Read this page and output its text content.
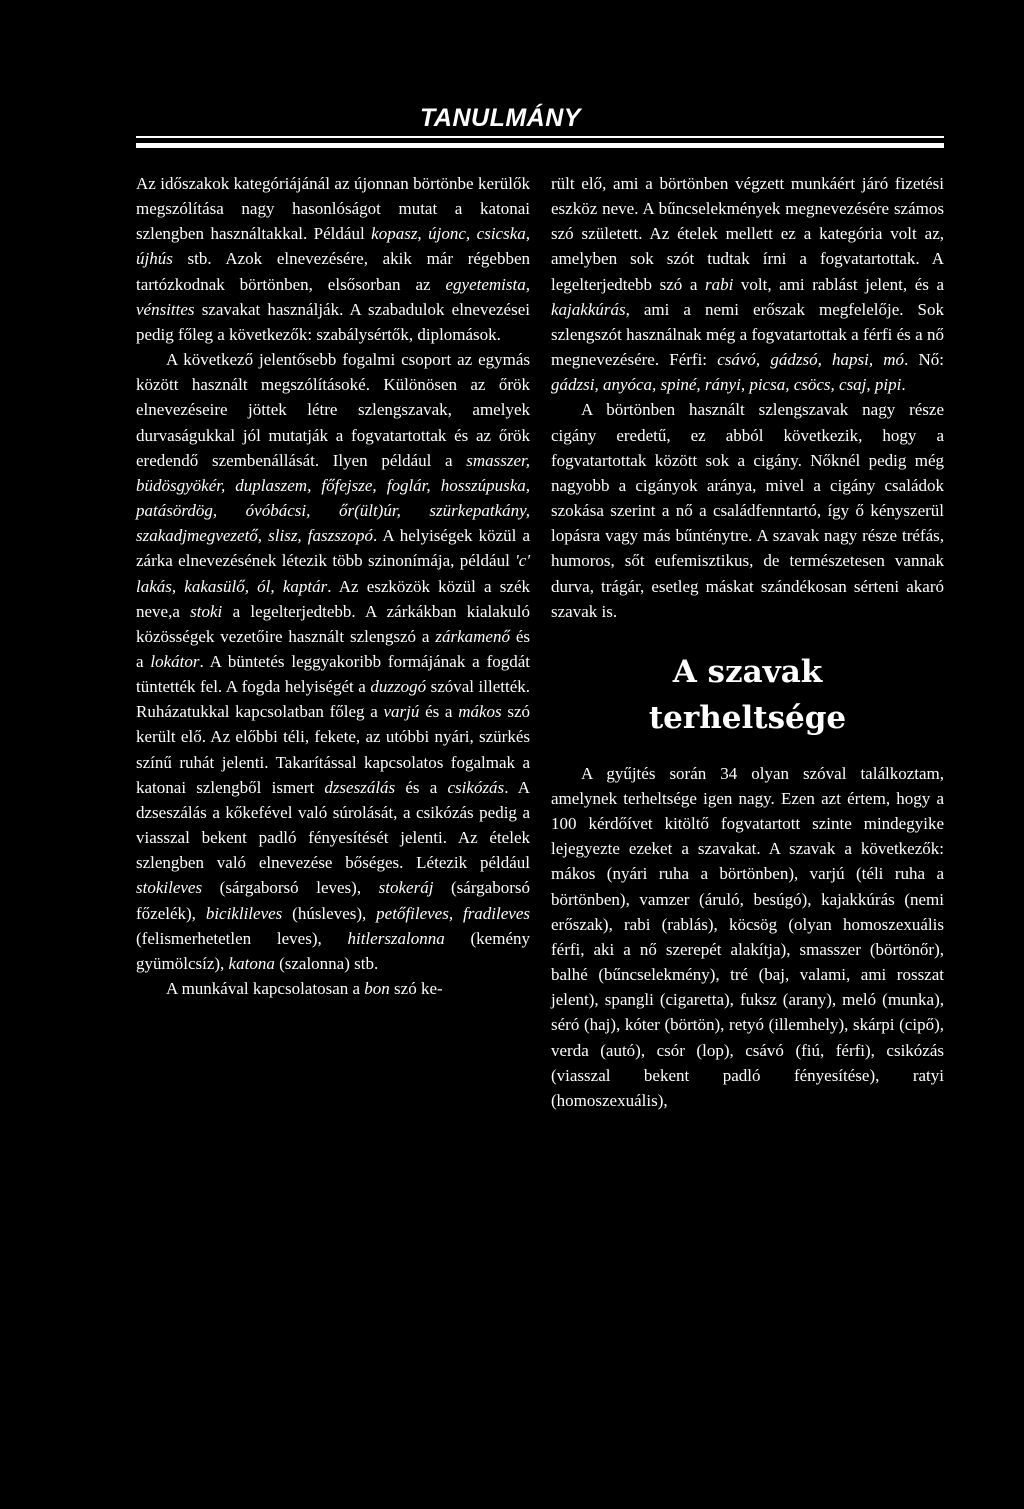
TANULMÁNY

Az időszakok kategóriájánál az újonnan börtönbe kerülők megszólítása nagy hasonlóságot mutat a katonai szlengben használtakkal. Például kopasz, újonc, csicska, újhús stb. Azok elnevezésére, akik már régebben tartózkodnak börtönben, elsősorban az egyetemista, vénsittes szavakat használják. A szabadulok elnevezései pedig főleg a következők: szabálysértők, diplomások.

A következő jelentősebb fogalmi csoport az egymás között használt megszólításoké. Különösen az őrök elnevezéseire jöttek létre szlengszavak, amelyek durvaságukkal jól mutatják a fogvatartottak és az őrök eredendő szembenállását. Ilyen például a smasszer, büdösgyökér, duplaszem, főfejsze, foglár, hosszúpuska, patásördög, óvóbácsi, őr(ült)úr, szürkepatkány, szakadjmegvezető, slisz, faszszopó. A helyiségek közül a zárka elnevezésének létezik több szinonímája, például 'c' lakás, kakasülő, ól, kaptár. Az eszközök közül a szék neve,a stoki a legelterjedtebb. A zárkákban kialakuló közösségek vezetőire használt szlengszó a zárkamenő és a lokátor. A büntetés leggyakoribb formájának a fogdát tüntették fel. A fogda helyiségét a duzzogó szóval illették. Ruházatukkal kapcsolatban főleg a varjú és a mákos szó került elő. Az előbbi téli, fekete, az utóbbi nyári, szürkés színű ruhát jelenti. Takarítással kapcsolatos fogalmak a katonai szlengből ismert dzseszálás és a csikózás. A dzseszálás a kőkefével való súrolását, a csikózás pedig a viasszal bekent padló fényesítését jelenti. Az ételek szlengben való elnevezése bőséges. Létezik például stokileves (sárgaborsó leves), stokeráj (sárgaborsó főzelék), biciklileves (húsleves), petőfileves, fradileves (felismerhetetlen leves), hitlerszalonna (kemény gyümölcsíz), katona (szalonna) stb.

A munkával kapcsolatosan a bon szó ke-

rült elő, ami a börtönben végzett munkáért járó fizetési eszköz neve. A bűncselekmények megnevezésére számos szó született. Az ételek mellett ez a kategória volt az, amelyben sok szót tudtak írni a fogvatartottak. A legelterjedtebb szó a rabi volt, ami rablást jelent, és a kajakkúrás, ami a nemi erőszak megfelelője. Sok szlengszót használnak még a fogvatartottak a férfi és a nő megnevezésére. Férfi: csávó, gádzsó, hapsi, mó. Nő: gádzsi, anyóca, spiné, rányi, picsa, csöcs, csaj, pipi.

A börtönben használt szlengszavak nagy része cigány eredetű, ez abból következik, hogy a fogvatartottak között sok a cigány. Nőknél pedig még nagyobb a cigányok aránya, mivel a cigány családok szokása szerint a nő a családfenntartó, így ő kényszerül lopásra vagy más bűnténytre. A szavak nagy része tréfás, humoros, sőt eufemisztikus, de természetesen vannak durva, trágár, esetleg máskat szándékosan sérteni akaró szavak is.

A szavak
terheltsége

A gyűjtés során 34 olyan szóval találkoztam, amelynek terheltsége igen nagy. Ezen azt értem, hogy a 100 kérdőívet kitöltő fogvatartott szinte mindegyike lejegyezte ezeket a szavakat. A szavak a következők: mákos (nyári ruha a börtönben), varjú (téli ruha a börtönben), vamzer (áruló, besúgó), kajakkúrás (nemi erőszak), rabi (rablás), köcsög (olyan homoszexuális férfi, aki a nő szerepét alakítja), smasszer (börtönőr), balhé (bűncselekmény), tré (baj, valami, ami rosszat jelent), spangli (cigaretta), fuksz (arany), meló (munka), séró (haj), kóter (börtön), retyó (illemhely), skárpi (cipő), verda (autó), csór (lop), csávó (fiú, férfi), csikózás (viasszal bekent padló fényesítése), ratyi (homoszexuális),
